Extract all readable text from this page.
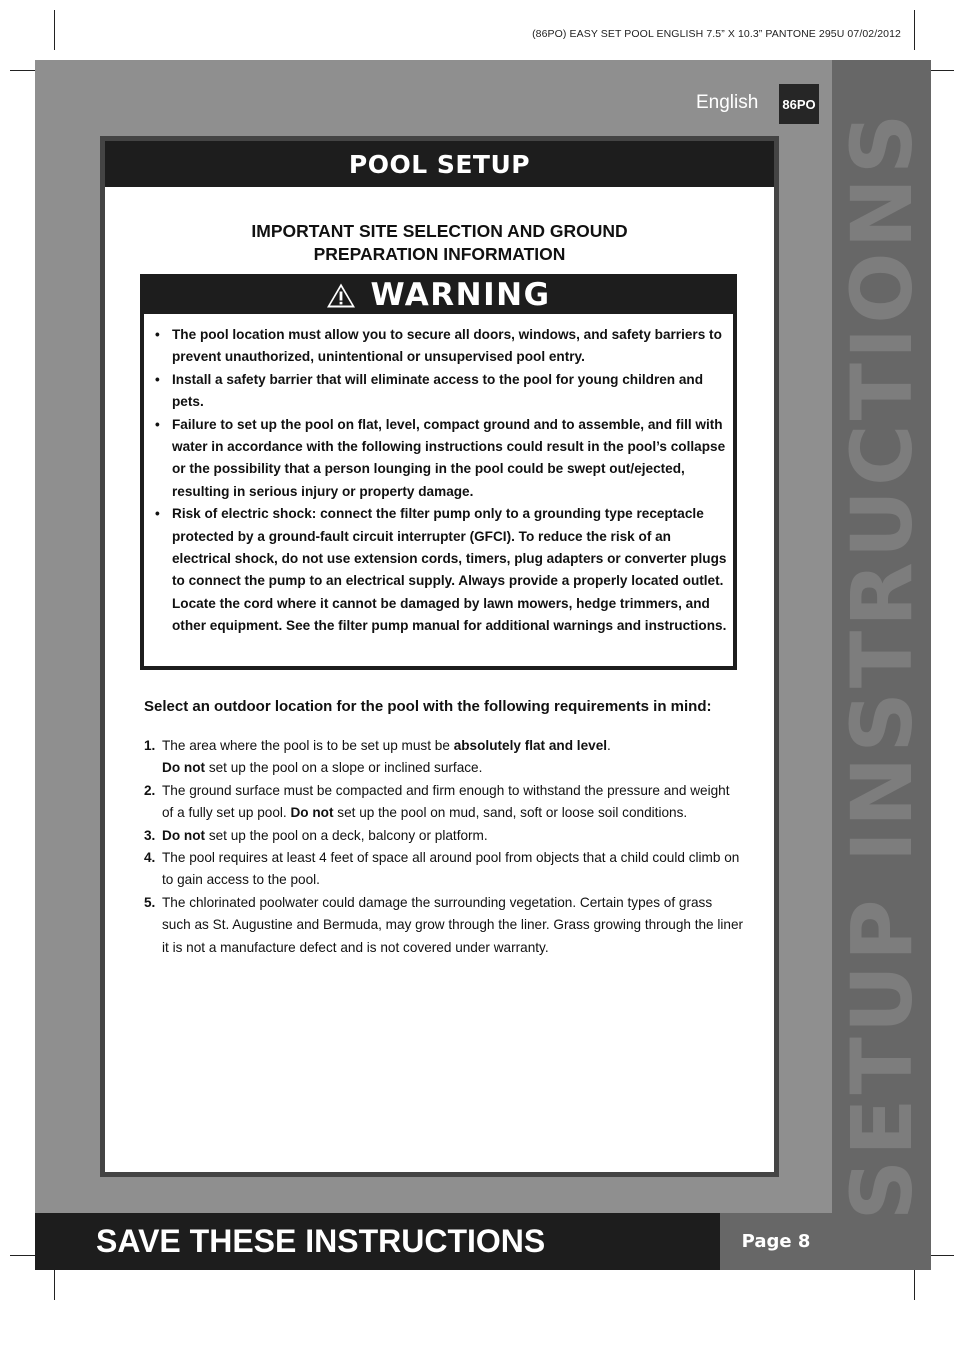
(86PO) EASY SET POOL ENGLISH 7.5” X 10.3” PANTONE 295U 07/02/2012
SETUP INSTRUCTIONS
English 86PO
POOL SETUP
IMPORTANT SITE SELECTION AND GROUND
PREPARATION INFORMATION
WARNING
• The pool location must allow you to secure all doors, windows, and safety barriers to prevent unauthorized, unintentional or unsupervised pool entry.
• Install a safety barrier that will eliminate access to the pool for young children and pets.
• Failure to set up the pool on flat, level, compact ground and to assemble, and fill with water in accordance with the following instructions could result in the pool’s collapse or the possibility that a person lounging in the pool could be swept out/ejected, resulting in serious injury or property damage.
• Risk of electric shock: connect the filter pump only to a grounding type receptacle protected by a ground-fault circuit interrupter (GFCI). To reduce the risk of an electrical shock, do not use extension cords, timers, plug adapters or converter plugs to connect the pump to an electrical supply. Always provide a properly located outlet. Locate the cord where it cannot be damaged by lawn mowers, hedge trimmers, and other equipment. See the filter pump manual for additional warnings and instructions.
Select an outdoor location for the pool with the following requirements in mind:
1. The area where the pool is to be set up must be absolutely flat and level.
Do not set up the pool on a slope or inclined surface.
2. The ground surface must be compacted and firm enough to withstand the pressure and weight of a fully set up pool. Do not set up the pool on mud, sand, soft or loose soil conditions.
3. Do not set up the pool on a deck, balcony or platform.
4. The pool requires at least 4 feet of space all around pool from objects that a child could climb on to gain access to the pool.
5. The chlorinated poolwater could damage the surrounding vegetation. Certain types of grass such as St. Augustine and Bermuda, may grow through the liner. Grass growing through the liner it is not a manufacture defect and is not covered under warranty.
SAVE THESE INSTRUCTIONS	Page 8
